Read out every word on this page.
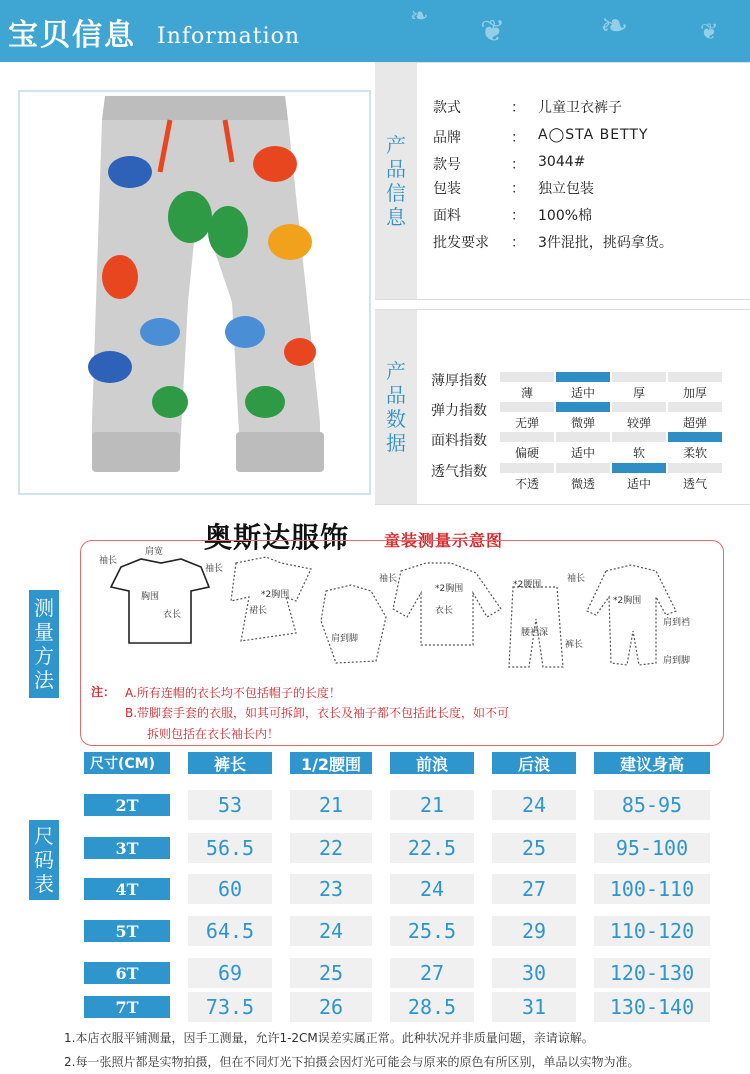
宝贝信息 Information
❧ ❦	❧	❦
产
品
信
息
款式	： 儿童卫衣裤子
品牌	： A◯STA BETTY
款号	： 3044#
包装	： 独立包装
面料	： 100%棉
批发要求	： 3件混批，挑码拿货。
产
品
数
据
薄厚指数
薄	适中	厚	加厚
弹力指数
无弹	微弹	较弹	超弹
面料指数
偏硬	适中	软	柔软
透气指数
不透	微透	适中	透气
奥斯达服饰 童装测量示意图
测
量
方
法
袖长
肩宽
胸围
衣长
袖长
*2胸围
裙长
肩到脚
袖长
*2胸围
衣长
*2腰围
腰裆深
裤长
袖长
*2胸围
肩到裆
肩到脚
注： A.所有连帽的衣长均不包括帽子的长度！
B.带脚套手套的衣服，如其可拆卸，衣长及袖子都不包括此长度，如不可
拆则包括在衣长袖长内！
尺
码
表
尺寸(CM)	裤长	1/2腰围	前浪	后浪	建议身高
2T	53	21	21	24	85-95
3T	56.5	22	22.5	25	95-100
4T	60	23	24	27	100-110
5T	64.5	24	25.5	29	110-120
6T	69	25	27	30	120-130
7T	73.5	26	28.5	31	130-140
1.本店衣服平铺测量，因手工测量，允许1-2CM误差实属正常。此种状况并非质量问题，亲请谅解。
2.每一张照片都是实物拍摄，但在不同灯光下拍摄会因灯光可能会与原来的原色有所区别，单品以实物为准。
